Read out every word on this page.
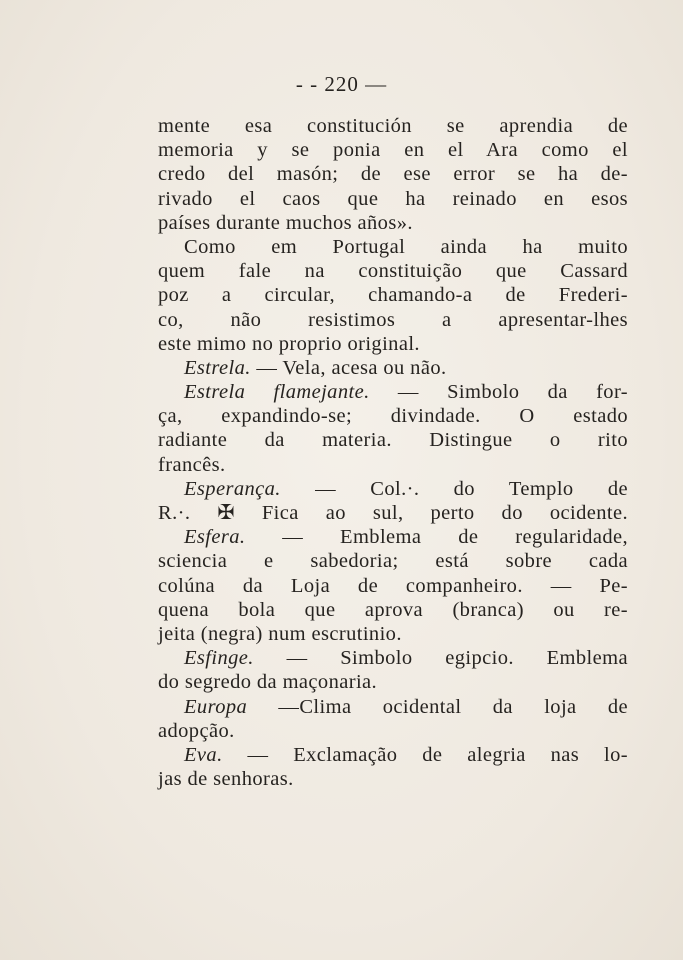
- - 220 —
mente esa constitución se aprendia de
memoria y se ponia en el Ara como el
credo del masón; de ese error se ha de-
rivado el caos que ha reinado en esos
países durante muchos años».
Como em Portugal ainda ha muito
quem fale na constituição que Cassard
poz a circular, chamando-a de Frederi-
co, não resistimos a apresentar-lhes
este mimo no proprio original.
Estrela. — Vela, acesa ou não.
Estrela flamejante. — Simbolo da for-
ça, expandindo-se; divindade. O estado
radiante da materia. Distingue o rito
francês.
Esperança. — Col.·. do Templo de
R.·. ✠ Fica ao sul, perto do ocidente.
Esfera. — Emblema de regularidade,
sciencia e sabedoria; está sobre cada
colúna da Loja de companheiro. — Pe-
quena bola que aprova (branca) ou re-
jeita (negra) num escrutinio.
Esfinge. — Simbolo egipcio. Emblema
do segredo da maçonaria.
Europa —Clima ocidental da loja de
adopção.
Eva. — Exclamação de alegria nas lo-
jas de senhoras.
